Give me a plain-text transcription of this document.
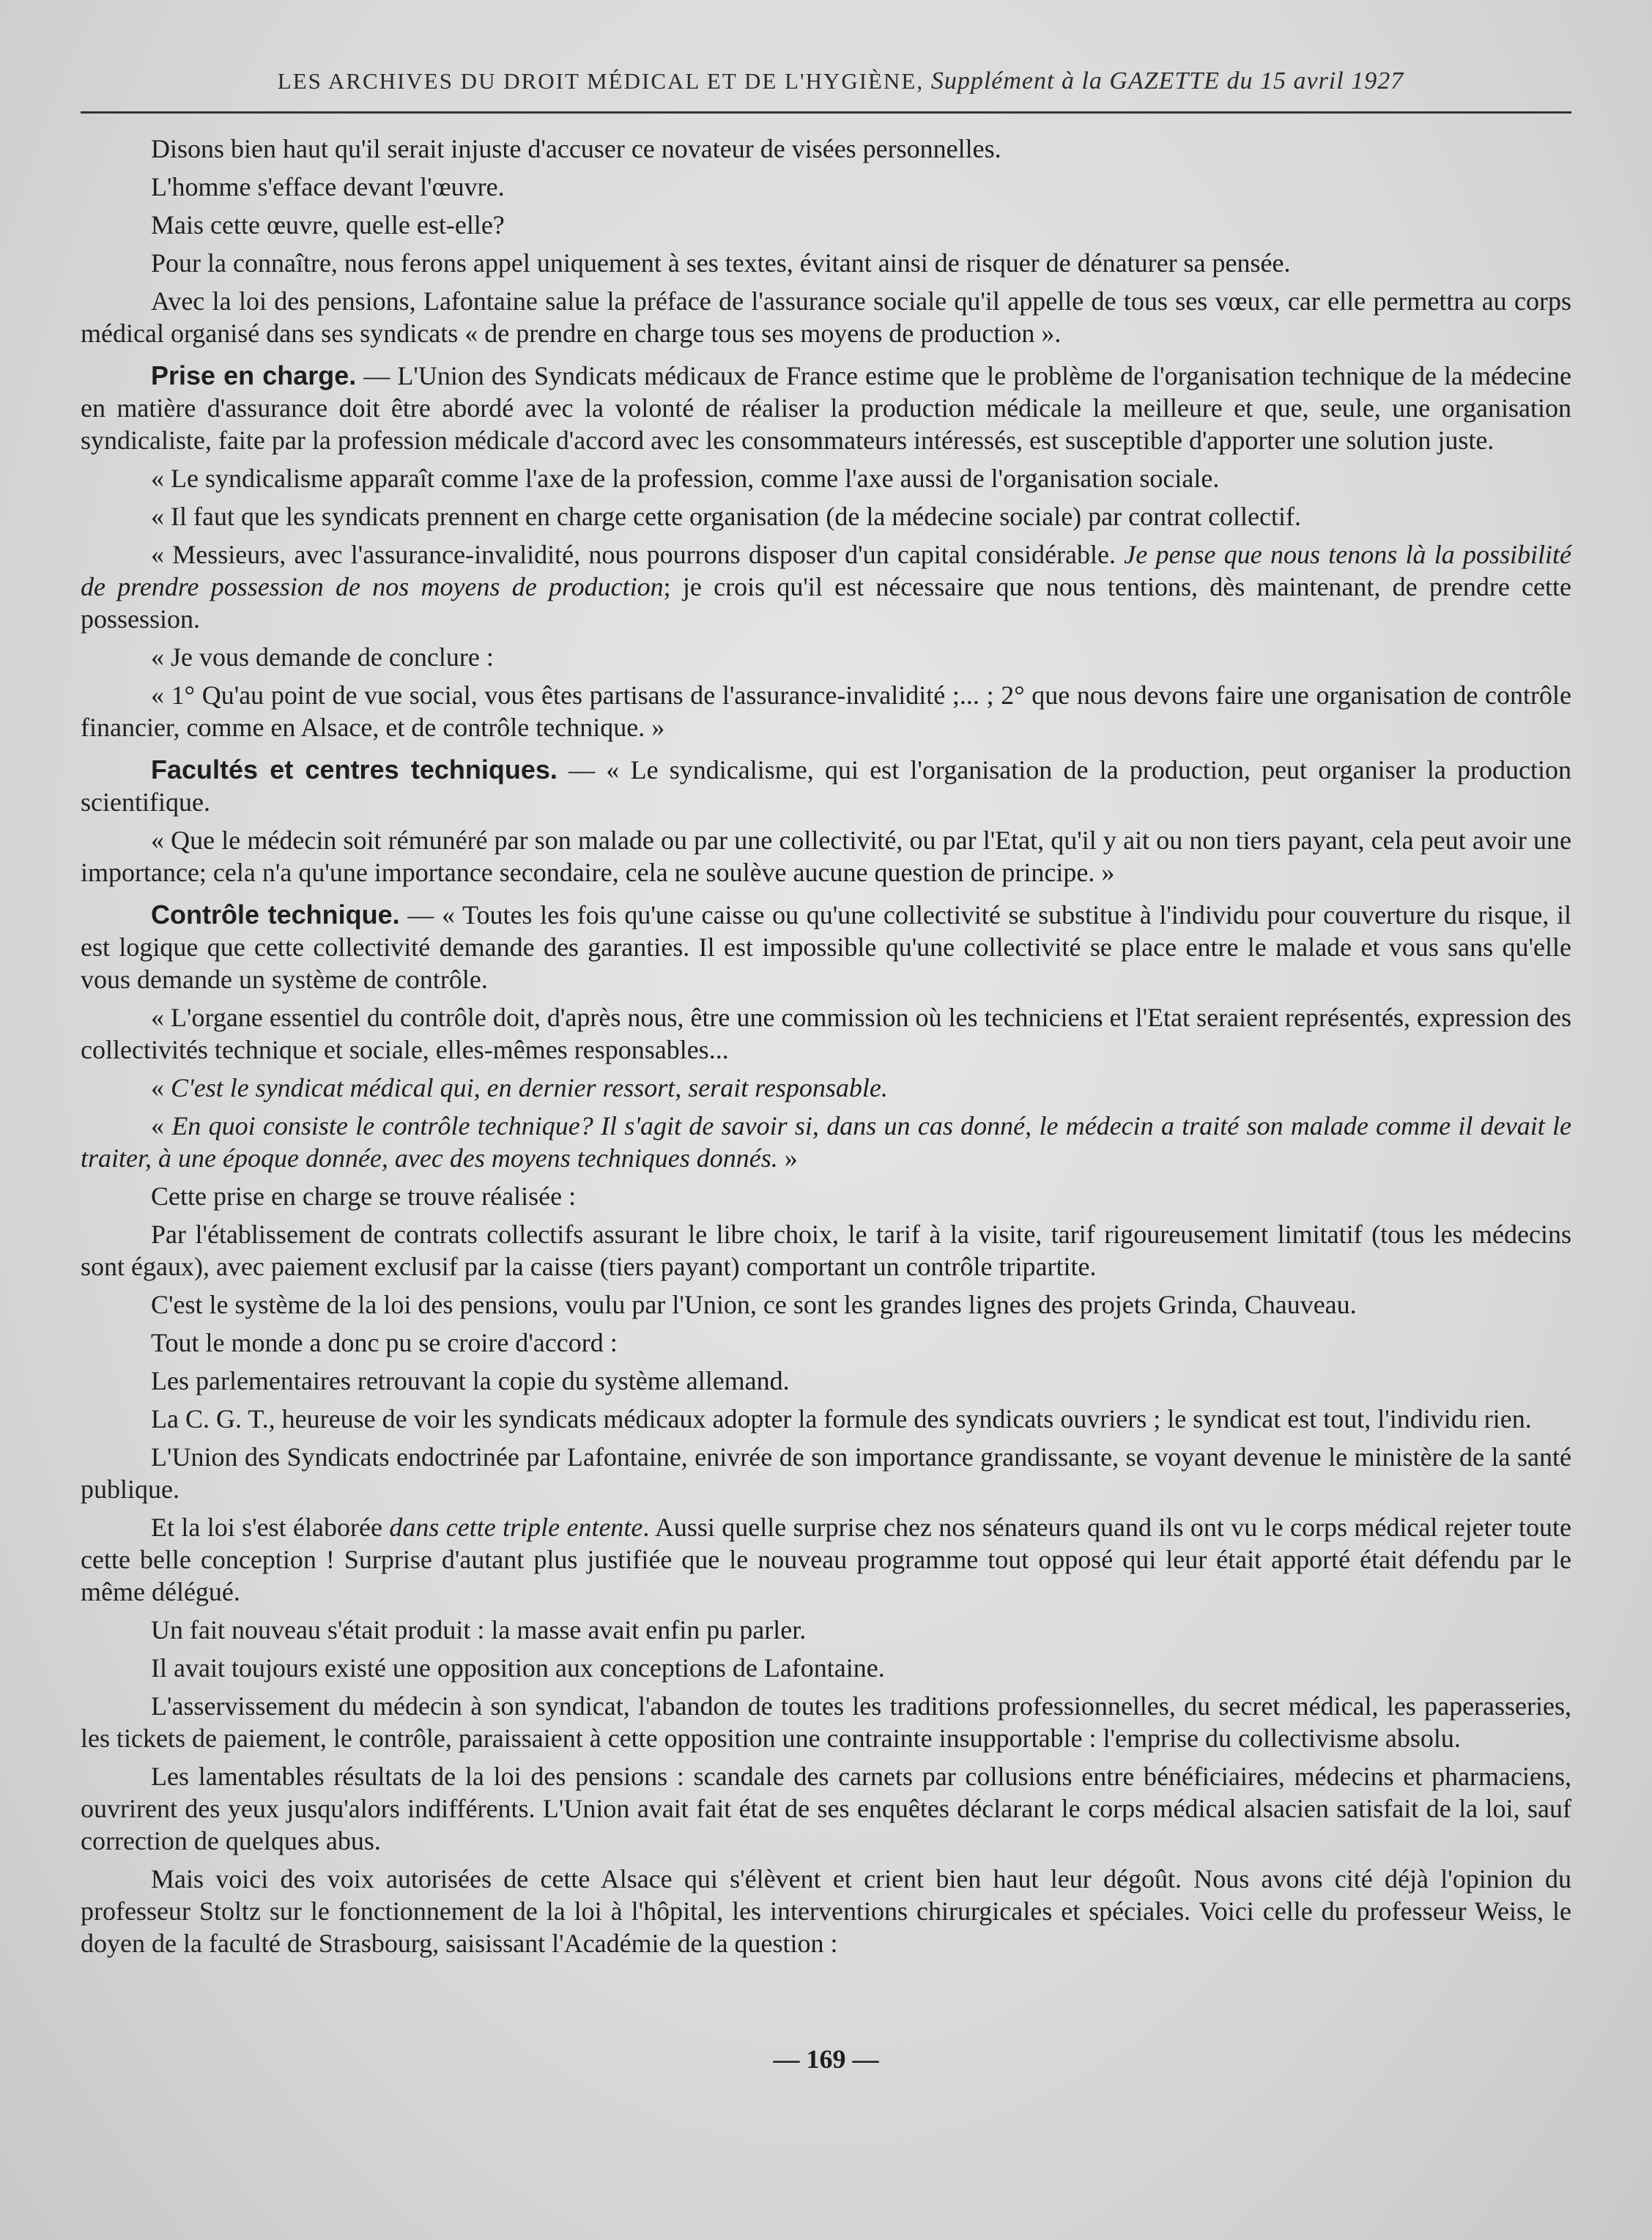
LES ARCHIVES DU DROIT MÉDICAL ET DE L'HYGIÈNE, Supplément à la GAZETTE du 15 avril 1927

Disons bien haut qu'il serait injuste d'accuser ce novateur de visées personnelles.

L'homme s'efface devant l'œuvre.

Mais cette œuvre, quelle est-elle?

Pour la connaître, nous ferons appel uniquement à ses textes, évitant ainsi de risquer de dénaturer sa pensée.

Avec la loi des pensions, Lafontaine salue la préface de l'assurance sociale qu'il appelle de tous ses vœux, car elle permettra au corps médical organisé dans ses syndicats « de prendre en charge tous ses moyens de production ».

Prise en charge. — L'Union des Syndicats médicaux de France estime que le problème de l'organisation technique de la médecine en matière d'assurance doit être abordé avec la volonté de réaliser la production médicale la meilleure et que, seule, une organisation syndicaliste, faite par la profession médicale d'accord avec les consommateurs intéressés, est susceptible d'apporter une solution juste.

« Le syndicalisme apparaît comme l'axe de la profession, comme l'axe aussi de l'organisation sociale.

« Il faut que les syndicats prennent en charge cette organisation (de la médecine sociale) par contrat collectif.

« Messieurs, avec l'assurance-invalidité, nous pourrons disposer d'un capital considérable. Je pense que nous tenons là la possibilité de prendre possession de nos moyens de production; je crois qu'il est nécessaire que nous tentions, dès maintenant, de prendre cette possession.

« Je vous demande de conclure :

« 1° Qu'au point de vue social, vous êtes partisans de l'assurance-invalidité ;... ; 2° que nous devons faire une organisation de contrôle financier, comme en Alsace, et de contrôle technique. »

Facultés et centres techniques. — « Le syndicalisme, qui est l'organisation de la production, peut organiser la production scientifique.

« Que le médecin soit rémunéré par son malade ou par une collectivité, ou par l'Etat, qu'il y ait ou non tiers payant, cela peut avoir une importance; cela n'a qu'une importance secondaire, cela ne soulève aucune question de principe. »

Contrôle technique. — « Toutes les fois qu'une caisse ou qu'une collectivité se substitue à l'individu pour couverture du risque, il est logique que cette collectivité demande des garanties. Il est impossible qu'une collectivité se place entre le malade et vous sans qu'elle vous demande un système de contrôle.

« L'organe essentiel du contrôle doit, d'après nous, être une commission où les techniciens et l'Etat seraient représentés, expression des collectivités technique et sociale, elles-mêmes responsables...

« C'est le syndicat médical qui, en dernier ressort, serait responsable.

« En quoi consiste le contrôle technique? Il s'agit de savoir si, dans un cas donné, le médecin a traité son malade comme il devait le traiter, à une époque donnée, avec des moyens techniques donnés. »

Cette prise en charge se trouve réalisée :

Par l'établissement de contrats collectifs assurant le libre choix, le tarif à la visite, tarif rigoureusement limitatif (tous les médecins sont égaux), avec paiement exclusif par la caisse (tiers payant) comportant un contrôle tripartite.

C'est le système de la loi des pensions, voulu par l'Union, ce sont les grandes lignes des projets Grinda, Chauveau.

Tout le monde a donc pu se croire d'accord :

Les parlementaires retrouvant la copie du système allemand.

La C. G. T., heureuse de voir les syndicats médicaux adopter la formule des syndicats ouvriers ; le syndicat est tout, l'individu rien.

L'Union des Syndicats endoctrinée par Lafontaine, enivrée de son importance grandissante, se voyant devenue le ministère de la santé publique.

Et la loi s'est élaborée dans cette triple entente. Aussi quelle surprise chez nos sénateurs quand ils ont vu le corps médical rejeter toute cette belle conception ! Surprise d'autant plus justifiée que le nouveau programme tout opposé qui leur était apporté était défendu par le même délégué.

Un fait nouveau s'était produit : la masse avait enfin pu parler.

Il avait toujours existé une opposition aux conceptions de Lafontaine.

L'asservissement du médecin à son syndicat, l'abandon de toutes les traditions professionnelles, du secret médical, les paperasseries, les tickets de paiement, le contrôle, paraissaient à cette opposition une contrainte insupportable : l'emprise du collectivisme absolu.

Les lamentables résultats de la loi des pensions : scandale des carnets par collusions entre bénéficiaires, médecins et pharmaciens, ouvrirent des yeux jusqu'alors indifférents. L'Union avait fait état de ses enquêtes déclarant le corps médical alsacien satisfait de la loi, sauf correction de quelques abus.

Mais voici des voix autorisées de cette Alsace qui s'élèvent et crient bien haut leur dégoût. Nous avons cité déjà l'opinion du professeur Stoltz sur le fonctionnement de la loi à l'hôpital, les interventions chirurgicales et spéciales. Voici celle du professeur Weiss, le doyen de la faculté de Strasbourg, saisissant l'Académie de la question :

— 169 —
